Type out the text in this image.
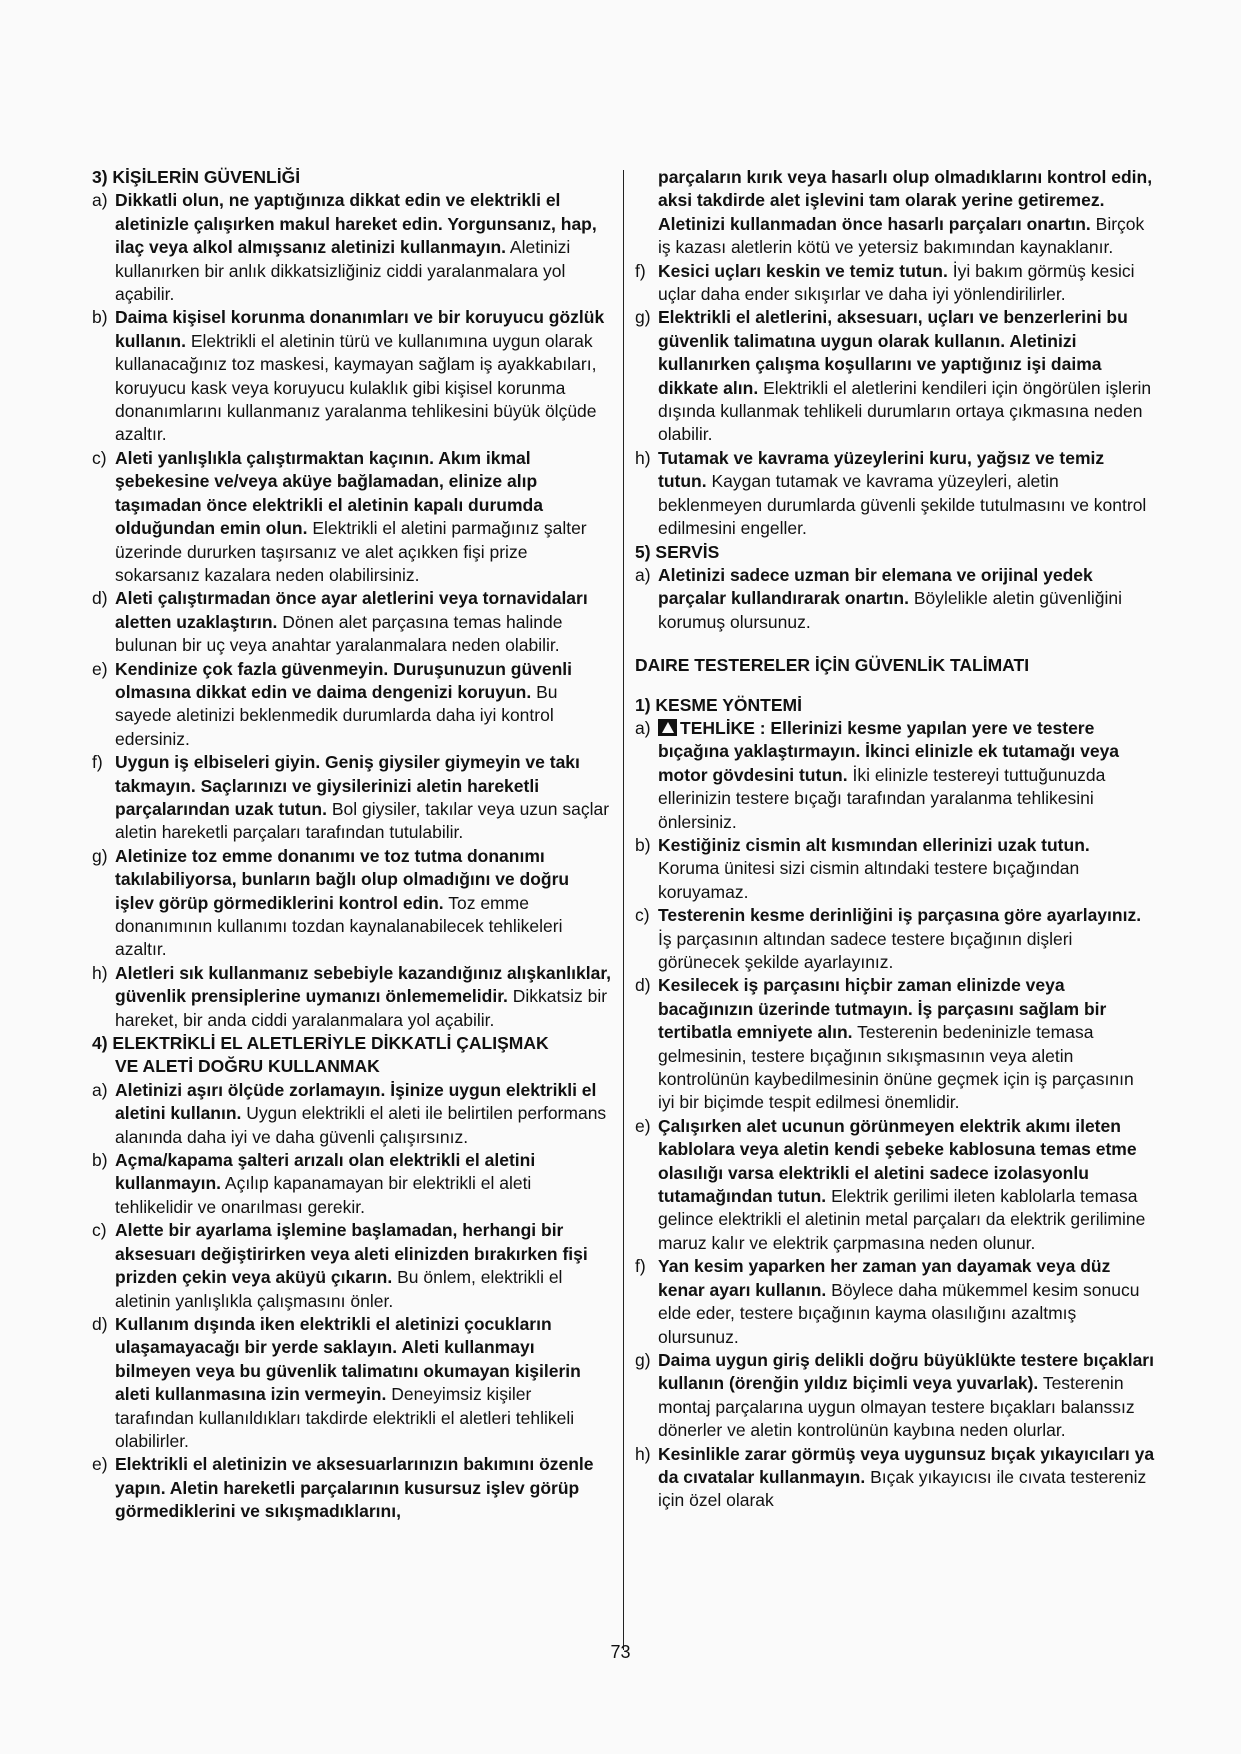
3) KİŞİLERİN GÜVENLİĞİ

a) Dikkatli olun, ne yaptığınıza dikkat edin ve elektrikli el aletinizle çalışırken makul hareket edin. Yorgunsanız, hap, ilaç veya alkol almışsanız aletinizi kullanmayın. Aletinizi kullanırken bir anlık dikkatsizliğiniz ciddi yaralanmalara yol açabilir.
b) Daima kişisel korunma donanımları ve bir koruyucu gözlük kullanın. Elektrikli el aletinin türü ve kullanımına uygun olarak kullanacağınız toz maskesi, kaymayan sağlam iş ayakkabıları, koruyucu kask veya koruyucu kulaklık gibi kişisel korunma donanımlarını kullanmanız yaralanma tehlikesini büyük ölçüde azaltır.
c) Aleti yanlışlıkla çalıştırmaktan kaçının. Akım ikmal şebekesine ve/veya aküye bağlamadan, elinize alıp taşımadan önce elektrikli el aletinin kapalı durumda olduğundan emin olun. Elektrikli el aletini parmağınız şalter üzerinde dururken taşırsanız ve alet açıkken fişi prize sokarsanız kazalara neden olabilirsiniz.
d) Aleti çalıştırmadan önce ayar aletlerini veya tornavidaları aletten uzaklaştırın. Dönen alet parçasına temas halinde bulunan bir uç veya anahtar yaralanmalara neden olabilir.
e) Kendinize çok fazla güvenmeyin. Duruşunuzun güvenli olmasına dikkat edin ve daima dengenizi koruyun. Bu sayede aletinizi beklenmedik durumlarda daha iyi kontrol edersiniz.
f) Uygun iş elbiseleri giyin. Geniş giysiler giymeyin ve takı takmayın. Saçlarınızı ve giysilerinizi aletin hareketli parçalarından uzak tutun. Bol giysiler, takılar veya uzun saçlar aletin hareketli parçaları tarafından tutulabilir.
g) Aletinize toz emme donanımı ve toz tutma donanımı takılabiliyorsa, bunların bağlı olup olmadığını ve doğru işlev görüp görmediklerini kontrol edin. Toz emme donanımının kullanımı tozdan kaynalanabilecek tehlikeleri azaltır.
h) Aletleri sık kullanmanız sebebiyle kazandığınız alışkanlıklar, güvenlik prensiplerine uymanızı önlememelidir. Dikkatsiz bir hareket, bir anda ciddi yaralanmalara yol açabilir.

4) ELEKTRİKLİ EL ALETLERİYLE DİKKATLİ ÇALIŞMAK

VE ALETİ DOĞRU KULLANMAK

a) Aletinizi aşırı ölçüde zorlamayın. İşinize uygun elektrikli el aletini kullanın. Uygun elektrikli el aleti ile belirtilen performans alanında daha iyi ve daha güvenli çalışırsınız.
b) Açma/kapama şalteri arızalı olan elektrikli el aletini kullanmayın. Açılıp kapanamayan bir elektrikli el aleti tehlikelidir ve onarılması gerekir.
c) Alette bir ayarlama işlemine başlamadan, herhangi bir aksesuarı değiştirirken veya aleti elinizden bırakırken fişi prizden çekin veya aküyü çıkarın. Bu önlem, elektrikli el aletinin yanlışlıkla çalışmasını önler.
d) Kullanım dışında iken elektrikli el aletinizi çocukların ulaşamayacağı bir yerde saklayın. Aleti kullanmayı bilmeyen veya bu güvenlik talimatını okumayan kişilerin aleti kullanmasına izin vermeyin. Deneyimsiz kişiler tarafından kullanıldıkları takdirde elektrikli el aletleri tehlikeli olabilirler.
e) Elektrikli el aletinizin ve aksesuarlarınızın bakımını özenle yapın. Aletin hareketli parçalarının kusursuz işlev görüp görmediklerini ve sıkışmadıklarını,
parçaların kırık veya hasarlı olup olmadıklarını kontrol edin, aksi takdirde alet işlevini tam olarak yerine getiremez. Aletinizi kullanmadan önce hasarlı parçaları onartın. Birçok iş kazası aletlerin kötü ve yetersiz bakımından kaynaklanır.
f) Kesici uçları keskin ve temiz tutun. İyi bakım görmüş kesici uçlar daha ender sıkışırlar ve daha iyi yönlendirilirler.
g) Elektrikli el aletlerini, aksesuarı, uçları ve benzerlerini bu güvenlik talimatına uygun olarak kullanın. Aletinizi kullanırken çalışma koşullarını ve yaptığınız işi daima dikkate alın. Elektrikli el aletlerini kendileri için öngörülen işlerin dışında kullanmak tehlikeli durumların ortaya çıkmasına neden olabilir.
h) Tutamak ve kavrama yüzeylerini kuru, yağsız ve temiz tutun. Kaygan tutamak ve kavrama yüzeyleri, aletin beklenmeyen durumlarda güvenli şekilde tutulmasını ve kontrol edilmesini engeller.

5) SERVİS

a) Aletinizi sadece uzman bir elemana ve orijinal yedek parçalar kullandırarak onartın. Böylelikle aletin güvenliğini korumuş olursunuz.

DAIRE TESTERELER İÇİN GÜVENLİK TALİMATI

1) KESME YÖNTEMİ

a) TEHLİKE : Ellerinizi kesme yapılan yere ve testere bıçağına yaklaştırmayın. İkinci elinizle ek tutamağı veya motor gövdesini tutun. İki elinizle testereyi tuttuğunuzda ellerinizin testere bıçağı tarafından yaralanma tehlikesini önlersiniz.
b) Kestiğiniz cismin alt kısmından ellerinizi uzak tutun. Koruma ünitesi sizi cismin altındaki testere bıçağından koruyamaz.
c) Testerenin kesme derinliğini iş parçasına göre ayarlayınız. İş parçasının altından sadece testere bıçağının dişleri görünecek şekilde ayarlayınız.
d) Kesilecek iş parçasını hiçbir zaman elinizde veya bacağınızın üzerinde tutmayın. İş parçasını sağlam bir tertibatla emniyete alın. Testerenin bedeninizle temasa gelmesinin, testere bıçağının sıkışmasının veya aletin kontrolünün kaybedilmesinin önüne geçmek için iş parçasının iyi bir biçimde tespit edilmesi önemlidir.
e) Çalışırken alet ucunun görünmeyen elektrik akımı ileten kablolara veya aletin kendi şebeke kablosuna temas etme olasılığı varsa elektrikli el aletini sadece izolasyonlu tutamağından tutun. Elektrik gerilimi ileten kablolarla temasa gelince elektrikli el aletinin metal parçaları da elektrik gerilimine maruz kalır ve elektrik çarpmasına neden olunur.
f) Yan kesim yaparken her zaman yan dayamak veya düz kenar ayarı kullanın. Böylece daha mükemmel kesim sonucu elde eder, testere bıçağının kayma olasılığını azaltmış olursunuz.
g) Daima uygun giriş delikli doğru büyüklükte testere bıçakları kullanın (örenğin yıldız biçimli veya yuvarlak). Testerenin montaj parçalarına uygun olmayan testere bıçakları balanssız dönerler ve aletin kontrolünün kaybına neden olurlar.
h) Kesinlikle zarar görmüş veya uygunsuz bıçak yıkayıcıları ya da cıvatalar kullanmayın. Bıçak yıkayıcısı ile cıvata testereniz için özel olarak
73
